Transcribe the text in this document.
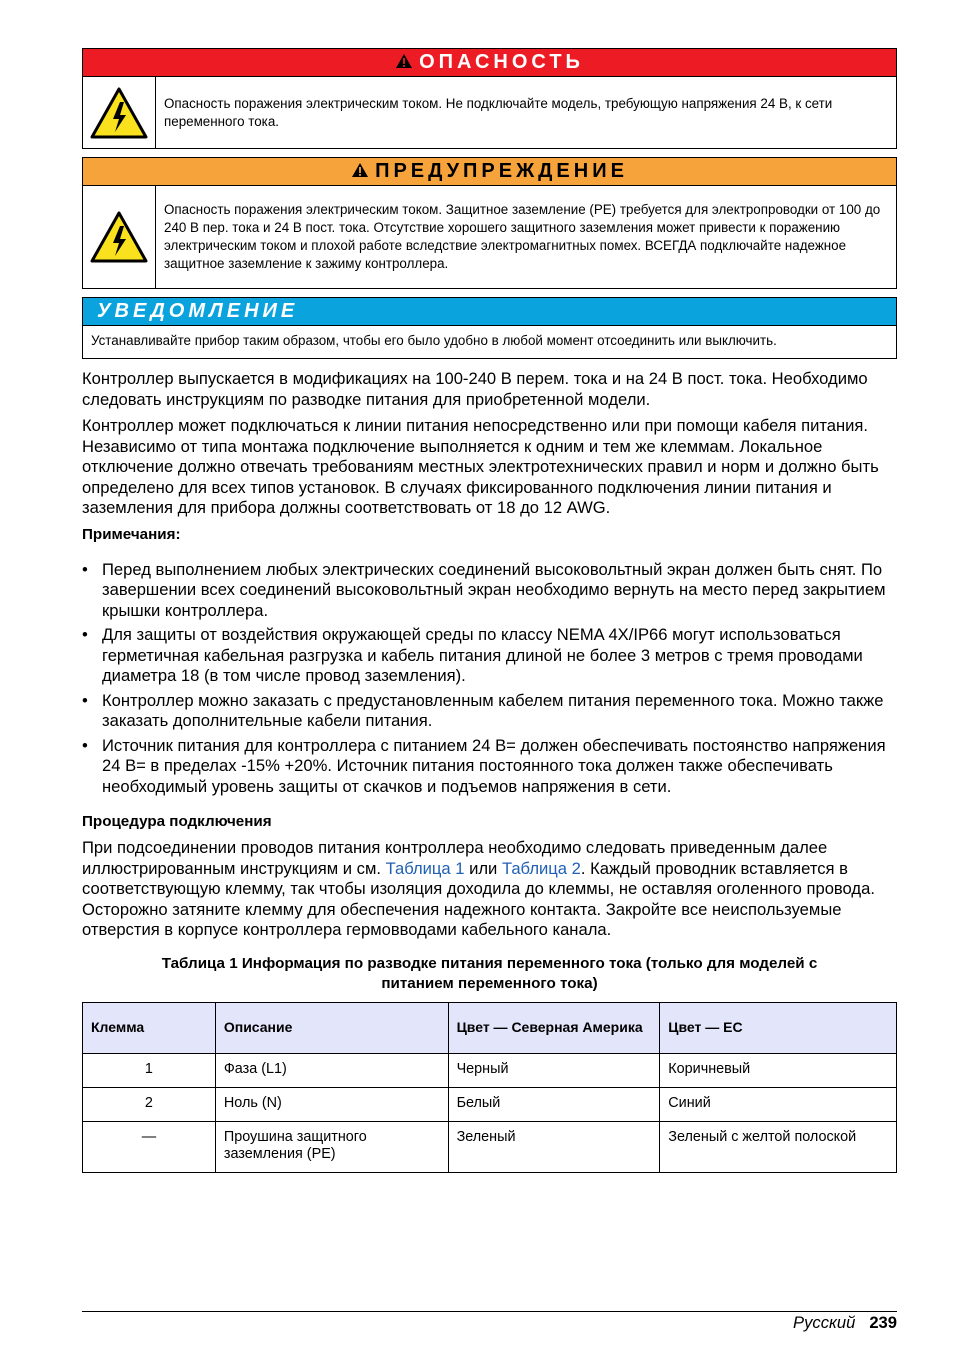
ОПАСНОСТЬ
Опасность поражения электрическим током. Не подключайте модель, требующую напряжения 24 В, к сети переменного тока.
ПРЕДУПРЕЖДЕНИЕ
Опасность поражения электрическим током. Защитное заземление (PE) требуется для электропроводки от 100 до 240 В пер. тока и 24 В пост. тока. Отсутствие хорошего защитного заземления может привести к поражению электрическим током и плохой работе вследствие электромагнитных помех. ВСЕГДА подключайте надежное защитное заземление к зажиму контроллера.
УВЕДОМЛЕНИЕ
Устанавливайте прибор таким образом, чтобы его было удобно в любой момент отсоединить или выключить.

Контроллер выпускается в модификациях на 100-240 В перем. тока и на 24 В пост. тока. Необходимо следовать инструкциям по разводке питания для приобретенной модели.

Контроллер может подключаться к линии питания непосредственно или при помощи кабеля питания. Независимо от типа монтажа подключение выполняется к одним и тем же клеммам. Локальное отключение должно отвечать требованиям местных электротехнических правил и норм и должно быть определено для всех типов установок. В случаях фиксированного подключения линии питания и заземления для прибора должны соответствовать от 18 до 12 AWG.

Примечания:
• Перед выполнением любых электрических соединений высоковольтный экран должен быть снят. По завершении всех соединений высоковольтный экран необходимо вернуть на место перед закрытием крышки контроллера.
• Для защиты от воздействия окружающей среды по классу NEMA 4X/IP66 могут использоваться герметичная кабельная разгрузка и кабель питания длиной не более 3 метров с тремя проводами диаметра 18 (в том числе провод заземления).
• Контроллер можно заказать с предустановленным кабелем питания переменного тока. Можно также заказать дополнительные кабели питания.
• Источник питания для контроллера с питанием 24 В= должен обеспечивать постоянство напряжения 24 В= в пределах -15% +20%. Источник питания постоянного тока должен также обеспечивать необходимый уровень защиты от скачков и подъемов напряжения в сети.
Процедура подключения

При подсоединении проводов питания контроллера необходимо следовать приведенным далее иллюстрированным инструкциям и см. Таблица 1 или Таблица 2. Каждый проводник вставляется в соответствующую клемму, так чтобы изоляция доходила до клеммы, не оставляя оголенного провода. Осторожно затяните клемму для обеспечения надежного контакта. Закройте все неиспользуемые отверстия в корпусе контроллера гермовводами кабельного канала.

Таблица 1 Информация по разводке питания переменного тока (только для моделей с
питанием переменного тока)
Клемма	Описание	Цвет — Северная Америка	Цвет — ЕС
1	Фаза (L1)	Черный	Коричневый
2	Ноль (N)	Белый	Синий
—	Проушина защитного заземления (PE)	Зеленый	Зеленый с желтой полоской
Русский 239
